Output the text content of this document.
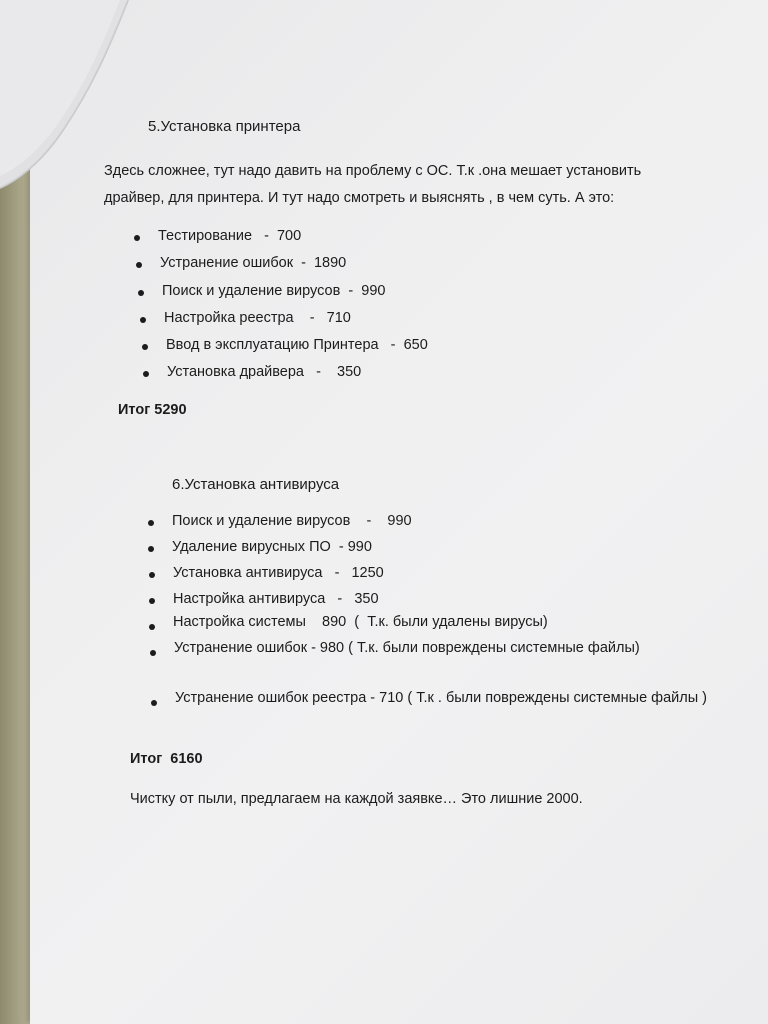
5.Установка принтера
Здесь сложнее, тут надо давить на проблему с ОС. Т.к .она мешает установить
драйвер, для принтера. И тут надо смотреть и выяснять , в чем суть. А это:
Тестирование   -  700
Устранение ошибок  -  1890
Поиск и удаление вирусов  -  990
Настройка реестра    -   710
Ввод в эксплуатацию Принтера   -  650
Установка драйвера   -    350
Итог 5290
6.Установка антивируса
Поиск и удаление вирусов    -    990
Удаление вирусных ПО  - 990
Установка антивируса   -   1250
Настройка антивируса   -   350
Настройка системы    890  (  Т.к. были удалены вирусы)
Устранение ошибок - 980 ( Т.к. были повреждены системные файлы)
Устранение ошибок реестра - 710 ( Т.к . были повреждены системные файлы )
Итог  6160
Чистку от пыли, предлагаем на каждой заявке… Это лишние 2000.
